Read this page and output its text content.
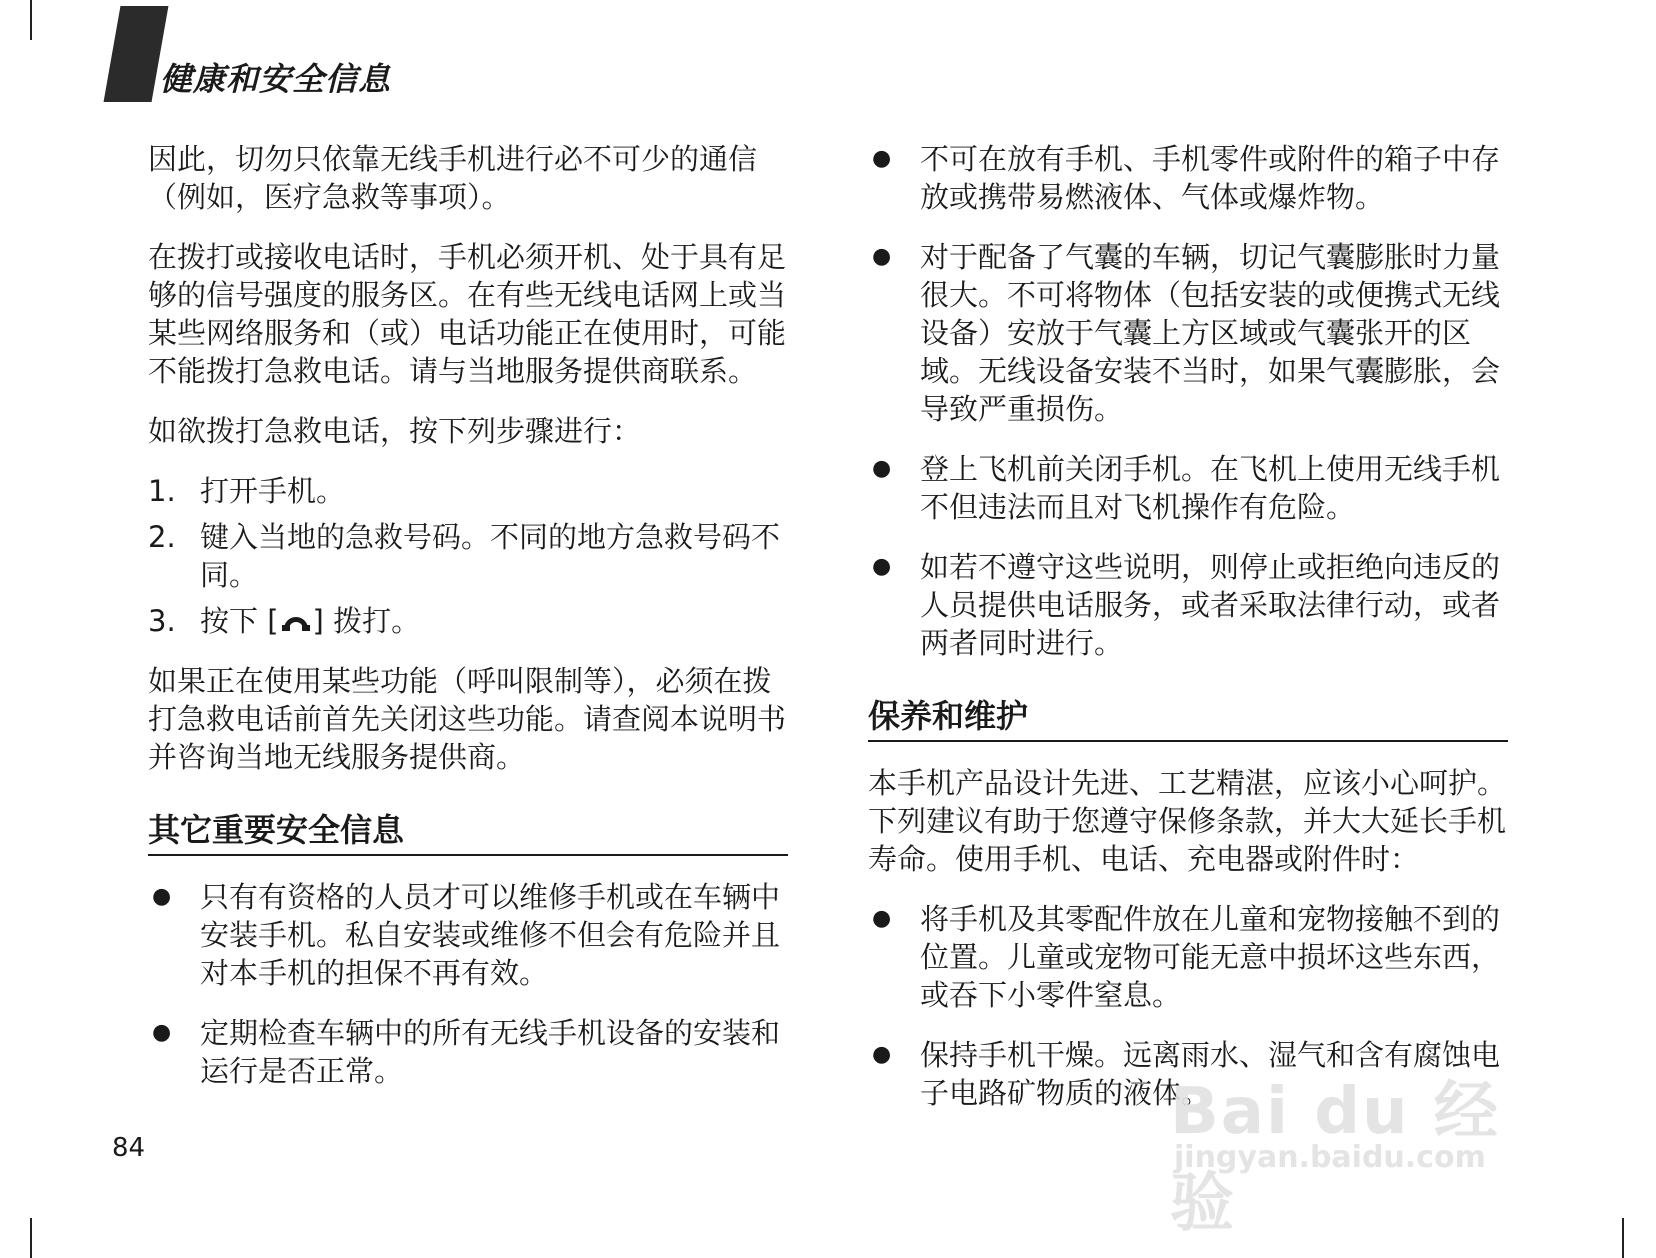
健康和安全信息

因此，切勿只依靠无线手机进行必不可少的通信（例如，医疗急救等事项）。

在拨打或接收电话时，手机必须开机、处于具有足够的信号强度的服务区。在有些无线电话网上或当某些网络服务和（或）电话功能正在使用时，可能不能拨打急救电话。请与当地服务提供商联系。

如欲拨打急救电话，按下列步骤进行：

1. 打开手机。
2. 键入当地的急救号码。不同的地方急救号码不同。
3. 按下 [ ] 拨打。

如果正在使用某些功能（呼叫限制等），必须在拨打急救电话前首先关闭这些功能。请查阅本说明书并咨询当地无线服务提供商。

其它重要安全信息
● 只有有资格的人员才可以维修手机或在车辆中安装手机。私自安装或维修不但会有危险并且对本手机的担保不再有效。
● 定期检查车辆中的所有无线手机设备的安装和运行是否正常。
● 不可在放有手机、手机零件或附件的箱子中存放或携带易燃液体、气体或爆炸物。
● 对于配备了气囊的车辆，切记气囊膨胀时力量很大。不可将物体（包括安装的或便携式无线设备）安放于气囊上方区域或气囊张开的区域。无线设备安装不当时，如果气囊膨胀，会导致严重损伤。
● 登上飞机前关闭手机。在飞机上使用无线手机不但违法而且对飞机操作有危险。
● 如若不遵守这些说明，则停止或拒绝向违反的人员提供电话服务，或者采取法律行动，或者两者同时进行。
保养和维护

本手机产品设计先进、工艺精湛，应该小心呵护。下列建议有助于您遵守保修条款，并大大延长手机寿命。使用手机、电话、充电器或附件时：

● 将手机及其零配件放在儿童和宠物接触不到的位置。儿童或宠物可能无意中损坏这些东西，或吞下小零件窒息。
● 保持手机干燥。远离雨水、湿气和含有腐蚀电子电路矿物质的液体。
84	Bai du 经验
jingyan.baidu.com
